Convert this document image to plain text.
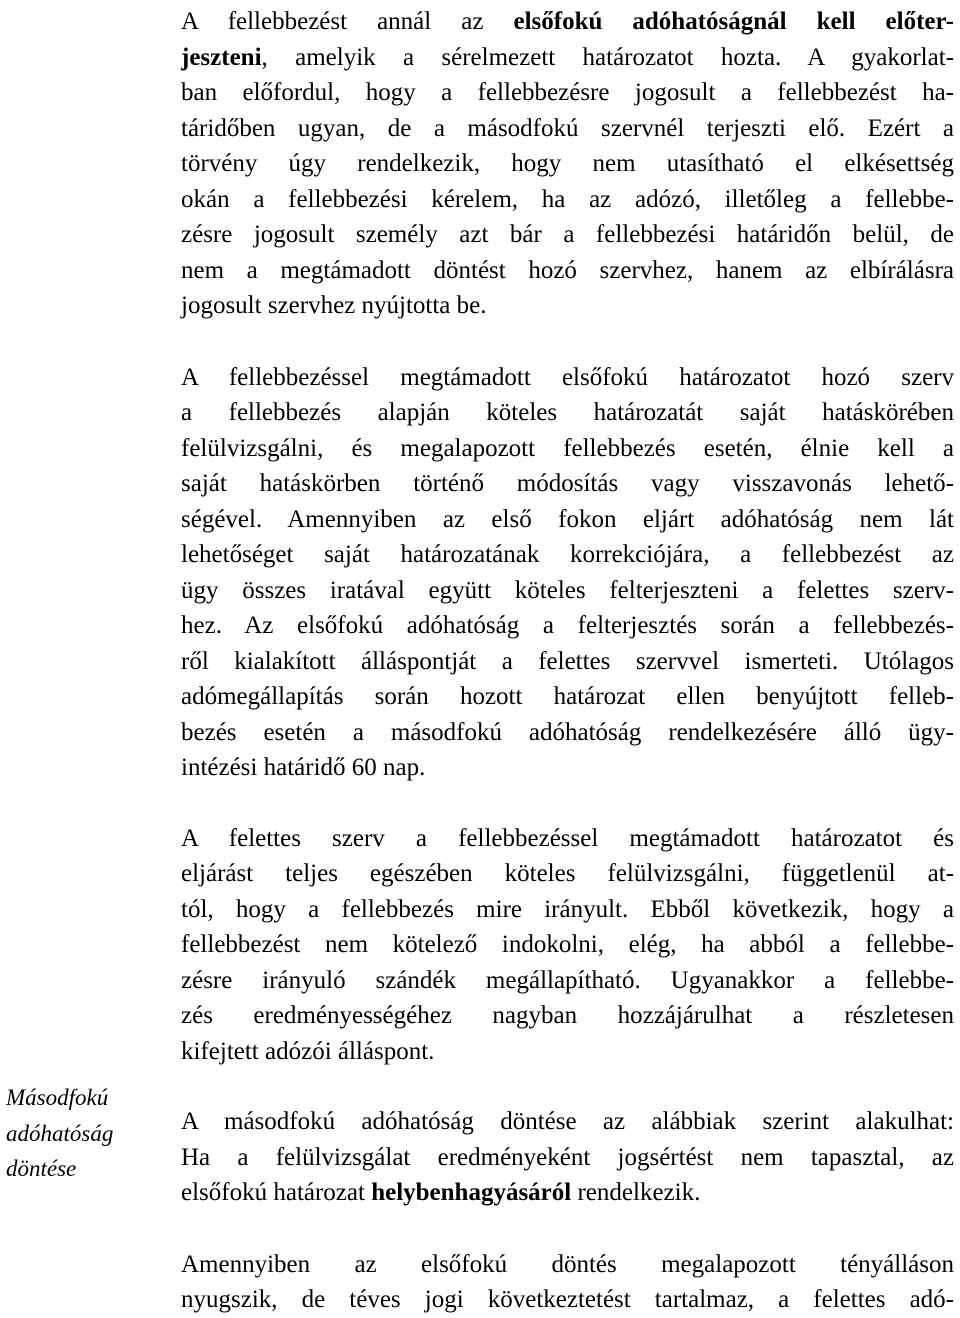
Másodfokú
adóhatóság
döntése
A fellebbezést annál az elsőfokú adóhatóságnál kell előter-
jeszteni, amelyik a sérelmezett határozatot hozta. A gyakorlat-
ban előfordul, hogy a fellebbezésre jogosult a fellebbezést ha-
táridőben ugyan, de a másodfokú szervnél terjeszti elő. Ezért a
törvény úgy rendelkezik, hogy nem utasítható el elkésettség
okán a fellebbezési kérelem, ha az adózó, illetőleg a fellebbe-
zésre jogosult személy azt bár a fellebbezési határidőn belül, de
nem a megtámadott döntést hozó szervhez, hanem az elbírálásra
jogosult szervhez nyújtotta be.
A fellebbezéssel megtámadott elsőfokú határozatot hozó szerv
a fellebbezés alapján köteles határozatát saját hatáskörében
felülvizsgálni, és megalapozott fellebbezés esetén, élnie kell a
saját hatáskörben történő módosítás vagy visszavonás lehető-
ségével. Amennyiben az első fokon eljárt adóhatóság nem lát
lehetőséget saját határozatának korrekciójára, a fellebbezést az
ügy összes iratával együtt köteles felterjeszteni a felettes szerv-
hez. Az elsőfokú adóhatóság a felterjesztés során a fellebbezés-
ről kialakított álláspontját a felettes szervvel ismerteti. Utólagos
adómegállapítás során hozott határozat ellen benyújtott felleb-
bezés esetén a másodfokú adóhatóság rendelkezésére álló ügy-
intézési határidő 60 nap.
A felettes szerv a fellebbezéssel megtámadott határozatot és
eljárást teljes egészében köteles felülvizsgálni, függetlenül at-
tól, hogy a fellebbezés mire irányult. Ebből következik, hogy a
fellebbezést nem kötelező indokolni, elég, ha abból a fellebbe-
zésre irányuló szándék megállapítható. Ugyanakkor a fellebbe-
zés eredményességéhez nagyban hozzájárulhat a részletesen
kifejtett adózói álláspont.
A másodfokú adóhatóság döntése az alábbiak szerint alakulhat:
Ha a felülvizsgálat eredményeként jogsértést nem tapasztal, az
elsőfokú határozat helybenhagyásáról rendelkezik.
Amennyiben az elsőfokú döntés megalapozott tényálláson
nyugszik, de téves jogi következtetést tartalmaz, a felettes adó-
